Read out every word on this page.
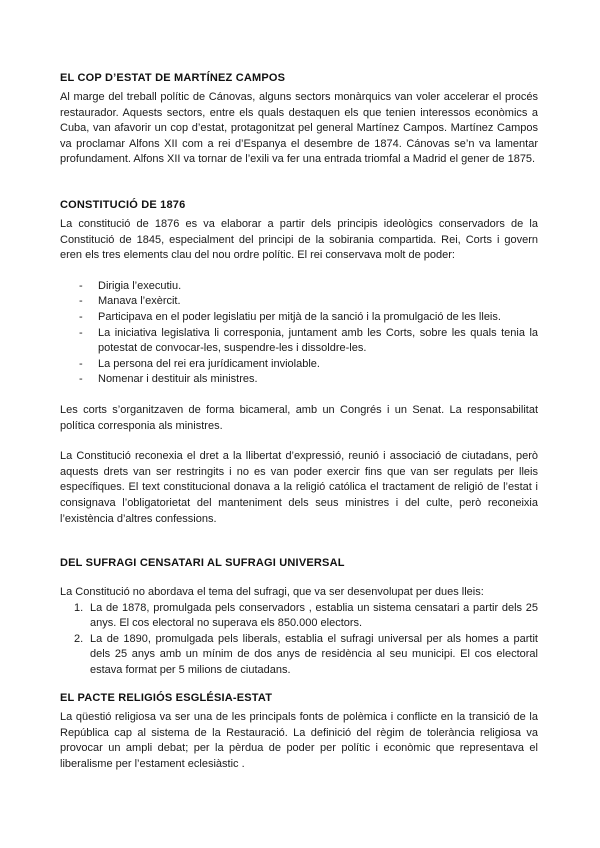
EL COP D’ESTAT DE MARTÍNEZ CAMPOS

Al marge del treball polític de Cánovas, alguns sectors monàrquics van voler accelerar el procés restaurador. Aquests sectors, entre els quals destaquen els que tenien interessos econòmics a Cuba, van afavorir un cop d’estat, protagonitzat pel general Martínez Campos. Martínez Campos va proclamar Alfons XII com a rei d’Espanya el desembre de 1874. Cánovas se’n va lamentar profundament. Alfons XII va tornar de l’exili va fer una entrada triomfal a Madrid el gener de 1875.

CONSTITUCIÓ DE 1876

La constitució de 1876 es va elaborar a partir dels principis ideològics conservadors de la Constitució de 1845, especialment del principi de la sobirania compartida. Rei, Corts i govern eren els tres elements clau del nou ordre polític. El rei conservava molt de poder:

- Dirigia l’executiu.
- Manava l’exèrcit.
- Participava en el poder legislatiu per mitjà de la sanció i la promulgació de les lleis.
- La iniciativa legislativa li corresponia, juntament amb les Corts, sobre les quals tenia la potestat de convocar-les, suspendre-les i dissoldre-les.
- La persona del rei era jurídicament inviolable.
- Nomenar i destituir als ministres.

Les corts s’organitzaven de forma bicameral, amb un Congrés i un Senat. La responsabilitat política corresponia als ministres.

La Constitució reconexia el dret a la llibertat d’expressió, reunió i associació de ciutadans, però aquests drets van ser restringits i no es van poder exercir fins que van ser regulats per lleis específiques. El text constitucional donava a la religió católica el tractament de religió de l’estat i consignava l’obligatorietat del manteniment dels seus ministres i del culte, però reconeixia l’existència d’altres confessions.

DEL SUFRAGI CENSATARI AL SUFRAGI UNIVERSAL

La Constitució no abordava el tema del sufragi, que va ser desenvolupat per dues lleis:

1. La de 1878, promulgada pels conservadors , establia un sistema censatari a partir dels 25 anys. El cos electoral no superava els 850.000 electors.
2. La de 1890, promulgada pels liberals, establia el sufragi universal per als homes a partit dels 25 anys amb un mínim de dos anys de residència al seu municipi. El cos electoral estava format per 5 milions de ciutadans.
EL PACTE RELIGIÓS ESGLÉSIA-ESTAT

La qüestió religiosa va ser una de les principals fonts de polèmica i conflicte en la transició de la República cap al sistema de la Restauració. La definició del règim de tolerància religiosa va provocar un ampli debat; per la pèrdua de poder per polític i econòmic que representava el liberalisme per l’estament eclesiàstic .
